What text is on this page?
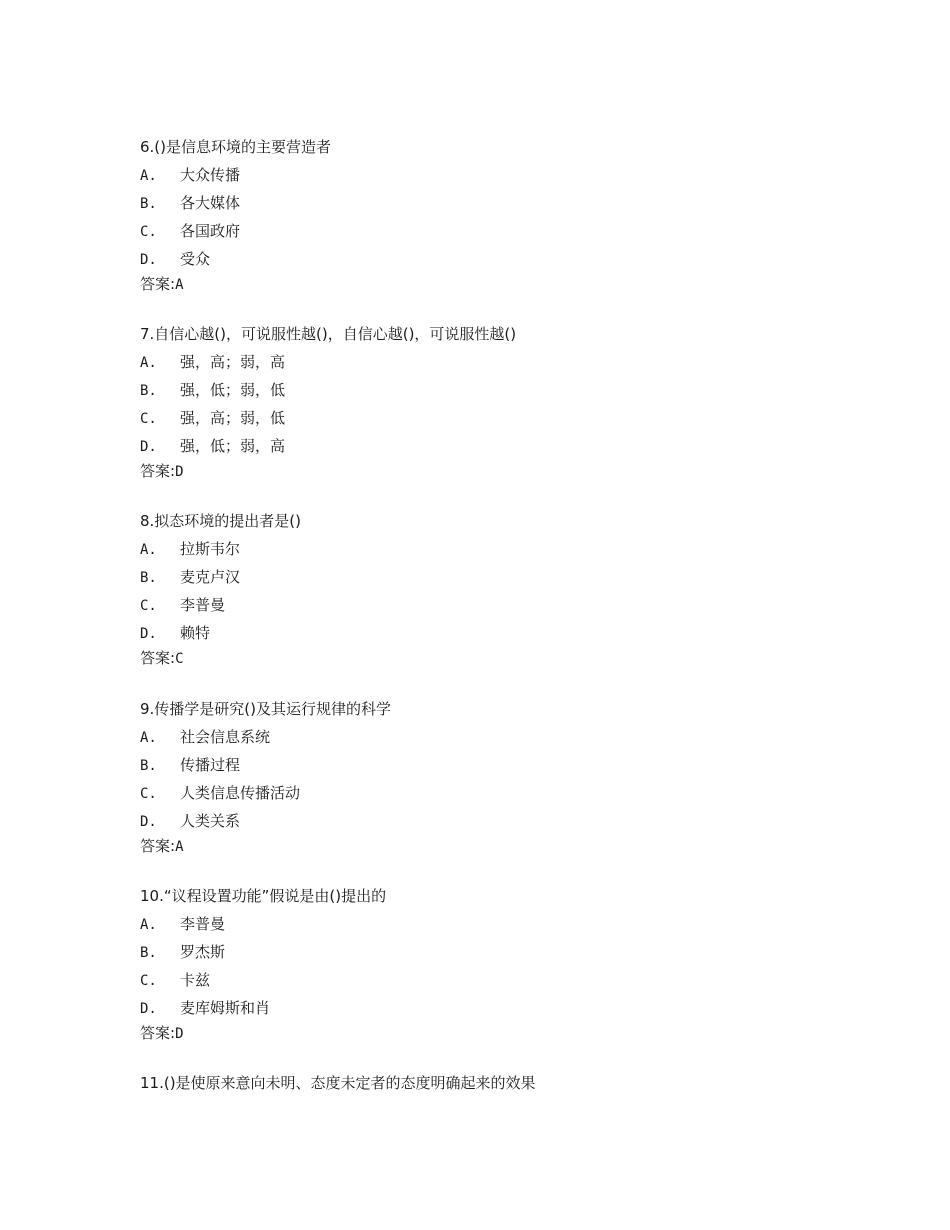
6.()是信息环境的主要营造者
A. 大众传播
B. 各大媒体
C. 各国政府
D. 受众
答案:A
7.自信心越()，可说服性越()，自信心越()，可说服性越()
A. 强，高；弱，高
B. 强，低；弱，低
C. 强，高；弱，低
D. 强，低；弱，高
答案:D
8.拟态环境的提出者是()
A. 拉斯韦尔
B. 麦克卢汉
C. 李普曼
D. 赖特
答案:C
9.传播学是研究()及其运行规律的科学
A. 社会信息系统
B. 传播过程
C. 人类信息传播活动
D. 人类关系
答案:A
10.“议程设置功能”假说是由()提出的
A. 李普曼
B. 罗杰斯
C. 卡兹
D. 麦库姆斯和肖
答案:D
11.()是使原来意向未明、态度未定者的态度明确起来的效果
